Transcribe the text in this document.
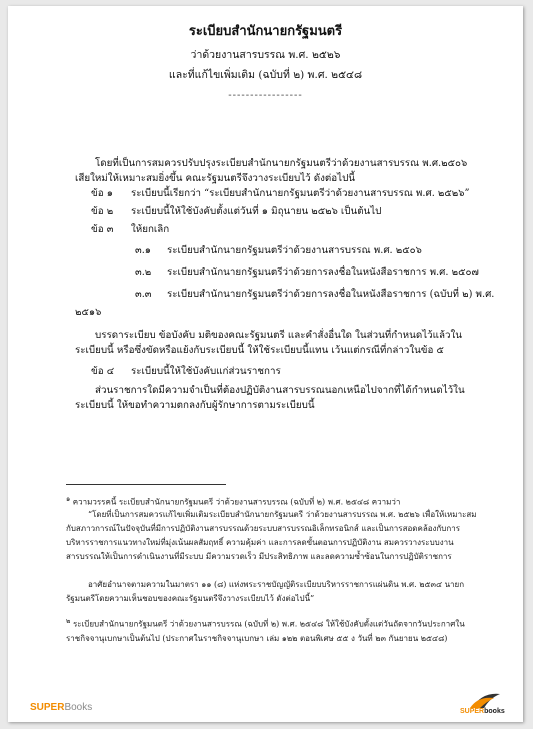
ระเบียบสำนักนายกรัฐมนตรี
ว่าด้วยงานสารบรรณ พ.ศ. ๒๕๒๖
และที่แก้ไขเพิ่มเติม (ฉบับที่ ๒) พ.ศ. ๒๕๔๘
-----------------
โดยที่เป็นการสมควรปรับปรุงระเบียบสำนักนายกรัฐมนตรีว่าด้วยงานสารบรรณ พ.ศ.๒๕๐๖ เสียใหม่ให้เหมาะสมยิ่งขึ้น คณะรัฐมนตรีจึงวางระเบียบไว้ ดังต่อไปนี้
ข้อ ๑ ระเบียบนี้เรียกว่า “ระเบียบสำนักนายกรัฐมนตรีว่าด้วยงานสารบรรณ พ.ศ. ๒๕๒๖”
ข้อ ๒ ระเบียบนี้ให้ใช้บังคับตั้งแต่วันที่ ๑ มิถุนายน ๒๕๒๖ เป็นต้นไป
ข้อ ๓ ให้ยกเลิก
๓.๑ ระเบียบสำนักนายกรัฐมนตรีว่าด้วยงานสารบรรณ พ.ศ. ๒๕๐๖
๓.๒ ระเบียบสำนักนายกรัฐมนตรีว่าด้วยการลงชื่อในหนังสือราชการ พ.ศ. ๒๕๐๗
๓.๓ ระเบียบสำนักนายกรัฐมนตรีว่าด้วยการลงชื่อในหนังสือราชการ (ฉบับที่ ๒) พ.ศ.
๒๕๑๖
บรรดาระเบียบ ข้อบังคับ มติของคณะรัฐมนตรี และคำสั่งอื่นใด ในส่วนที่กำหนดไว้แล้วในระเบียบนี้ หรือซึ่งขัดหรือแย้งกับระเบียบนี้ ให้ใช้ระเบียบนี้แทน เว้นแต่กรณีที่กล่าวในข้อ ๕
ข้อ ๔ ระเบียบนี้ให้ใช้บังคับแก่ส่วนราชการ
ส่วนราชการใดมีความจำเป็นที่ต้องปฏิบัติงานสารบรรณนอกเหนือไปจากที่ได้กำหนดไว้ในระเบียบนี้ ให้ขอทำความตกลงกับผู้รักษาการตามระเบียบนี้
$^๑$ ความวรรคนี้ ระเบียบสำนักนายกรัฐมนตรี ว่าด้วยงานสารบรรณ (ฉบับที่ ๒) พ.ศ. ๒๕๔๘ ความว่า
“โดยที่เป็นการสมควรแก้ไขเพิ่มเติมระเบียบสำนักนายกรัฐมนตรี ว่าด้วยงานสารบรรณ พ.ศ. ๒๕๒๖ เพื่อให้เหมาะสมกับสภาวการณ์ในปัจจุบันที่มีการปฏิบัติงานสารบรรณด้วยระบบสารบรรณอิเล็กทรอนิกส์ และเป็นการสอดคล้องกับการบริหารราชการแนวทางใหม่ที่มุ่งเน้นผลสัมฤทธิ์ ความคุ้มค่า และการลดขั้นตอนการปฏิบัติงาน สมควรวางระบบงานสารบรรณให้เป็นการดำเนินงานที่มีระบบ มีความรวดเร็ว มีประสิทธิภาพ และลดความซ้ำซ้อนในการปฏิบัติราชการ
อาศัยอำนาจตามความในมาตรา ๑๑ (๘) แห่งพระราชบัญญัติระเบียบบริหารราชการแผ่นดิน พ.ศ. ๒๕๓๔ นายกรัฐมนตรีโดยความเห็นชอบของคณะรัฐมนตรีจึงวางระเบียบไว้ ดังต่อไปนี้”
$^๒$ ระเบียบสำนักนายกรัฐมนตรี ว่าด้วยงานสารบรรณ (ฉบับที่ ๒) พ.ศ. ๒๕๔๘ ให้ใช้บังคับตั้งแต่วันถัดจากวันประกาศในราชกิจจานุเบกษาเป็นต้นไป (ประกาศในราชกิจจานุเบกษา เล่ม ๑๒๒ ตอนพิเศษ ๕๕ ง วันที่ ๒๓ กันยายน ๒๕๔๘)
SUPERBooks	SUPERbooks
